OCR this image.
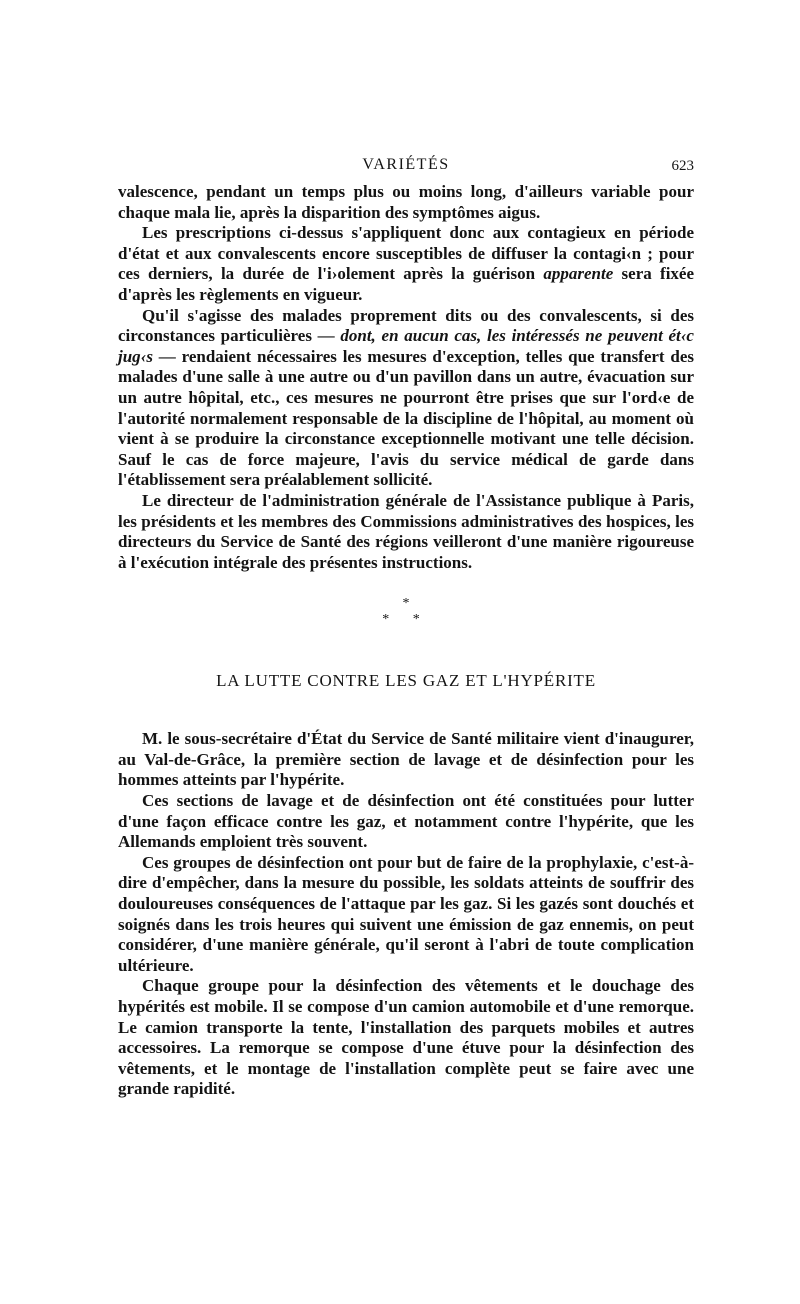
VARIÉTÉS	623

valescence, pendant un temps plus ou moins long, d'ailleurs variable pour chaque mala lie, après la disparition des symptômes aigus.

Les prescriptions ci-dessus s'appliquent donc aux contagieux en période d'état et aux convalescents encore susceptibles de diffuser la contagi‹n ; pour ces derniers, la durée de l'i›olement après la guérison apparente sera fixée d'après les règlements en vigueur.

Qu'il s'agisse des malades proprement dits ou des convalescents, si des circonstances particulières — dont, en aucun cas, les intéressés ne peuvent ét‹c jug‹s — rendaient nécessaires les mesures d'exception, telles que transfert des malades d'une salle à une autre ou d'un pavillon dans un autre, évacuation sur un autre hôpital, etc., ces mesures ne pourront être prises que sur l'ord‹e de l'autorité normalement responsable de la discipline de l'hôpital, au moment où vient à se produire la circonstance exceptionnelle motivant une telle décision. Sauf le cas de force majeure, l'avis du service médical de garde dans l'établissement sera préalablement sollicité.

Le directeur de l'administration générale de l'Assistance publique à Paris, les présidents et les membres des Commissions administratives des hospices, les directeurs du Service de Santé des régions veilleront d'une manière rigoureuse à l'exécution intégrale des présentes instructions.

*
* *
LA LUTTE CONTRE LES GAZ ET L'HYPÉRITE

M. le sous-secrétaire d'État du Service de Santé militaire vient d'inaugurer, au Val-de-Grâce, la première section de lavage et de désinfection pour les hommes atteints par l'hypérite.

Ces sections de lavage et de désinfection ont été constituées pour lutter d'une façon efficace contre les gaz, et notamment contre l'hypérite, que les Allemands emploient très souvent.

Ces groupes de désinfection ont pour but de faire de la prophylaxie, c'est-à-dire d'empêcher, dans la mesure du possible, les soldats atteints de souffrir des douloureuses conséquences de l'attaque par les gaz. Si les gazés sont douchés et soignés dans les trois heures qui suivent une émission de gaz ennemis, on peut considérer, d'une manière générale, qu'il seront à l'abri de toute complication ultérieure.

Chaque groupe pour la désinfection des vêtements et le douchage des hypérités est mobile. Il se compose d'un camion automobile et d'une remorque. Le camion transporte la tente, l'installation des parquets mobiles et autres accessoires. La remorque se compose d'une étuve pour la désinfection des vêtements, et le montage de l'installation complète peut se faire avec une grande rapidité.
